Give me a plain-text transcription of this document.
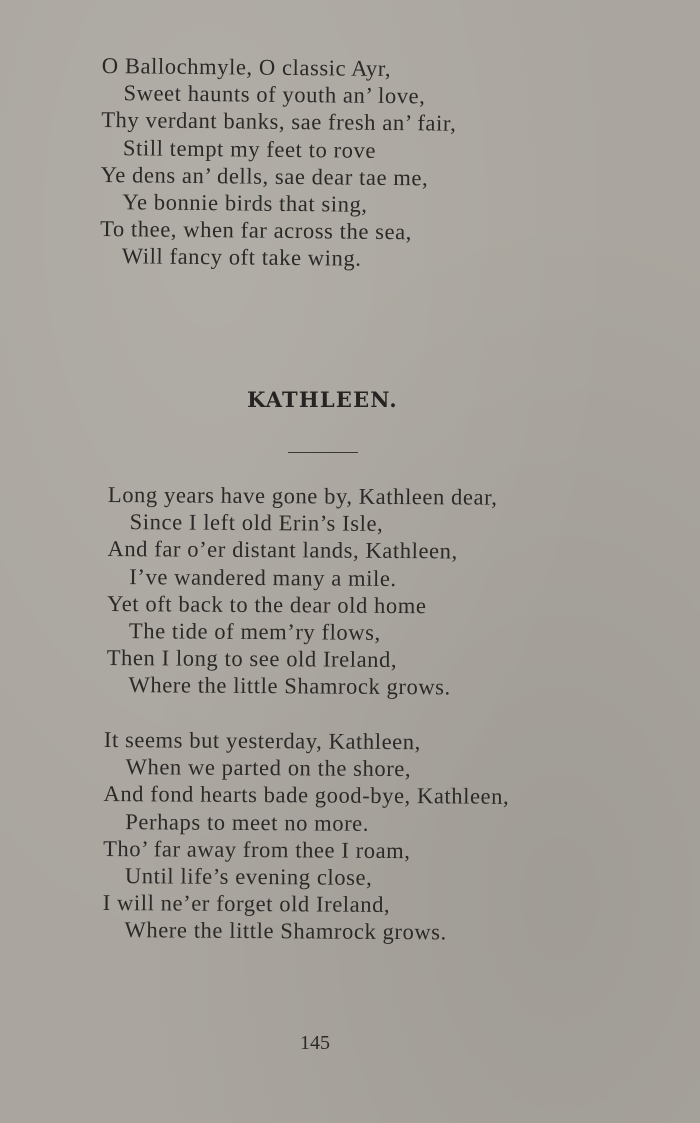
O Ballochmyle, O classic Ayr,
Sweet haunts of youth an’ love,
Thy verdant banks, sae fresh an’ fair,
Still tempt my feet to rove
Ye dens an’ dells, sae dear tae me,
Ye bonnie birds that sing,
To thee, when far across the sea,
Will fancy oft take wing.
KATHLEEN.
Long years have gone by, Kathleen dear,
Since I left old Erin’s Isle,
And far o’er distant lands, Kathleen,
I’ve wandered many a mile.
Yet oft back to the dear old home
The tide of mem’ry flows,
Then I long to see old Ireland,
Where the little Shamrock grows.
It seems but yesterday, Kathleen,
When we parted on the shore,
And fond hearts bade good-bye, Kathleen,
Perhaps to meet no more.
Tho’ far away from thee I roam,
Until life’s evening close,
I will ne’er forget old Ireland,
Where the little Shamrock grows.
145
